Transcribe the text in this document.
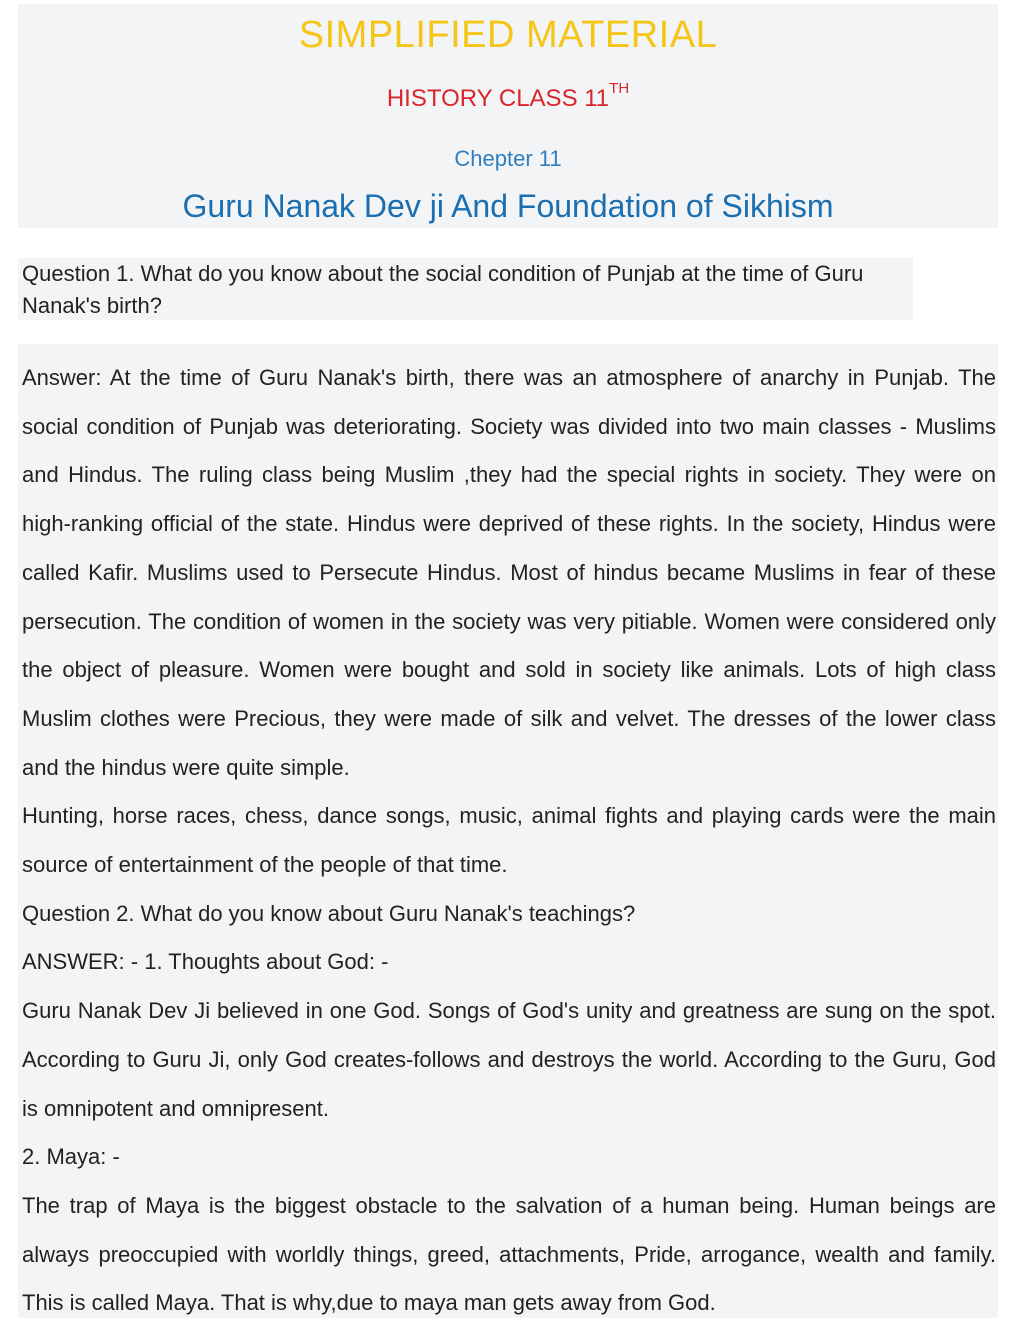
SIMPLIFIED MATERIAL
HISTORY CLASS 11TH
Chepter 11
Guru Nanak Dev ji And Foundation of Sikhism
Question 1. What do you know about the social condition of Punjab at the time of Guru Nanak's birth?

Answer: At the time of Guru Nanak's birth, there was an atmosphere of anarchy in Punjab. The social condition of Punjab was deteriorating. Society was divided into two main classes - Muslims and Hindus. The ruling class being Muslim ,they had the special rights in society. They were on high-ranking official of the state. Hindus were deprived of these rights. In the society, Hindus were called Kafir. Muslims used to Persecute Hindus. Most of hindus became Muslims in fear of these persecution. The condition of women in the society was very pitiable. Women were considered only the object of pleasure. Women were bought and sold in society like animals. Lots of high class Muslim clothes were Precious, they were made of silk and velvet. The dresses of the lower class and the hindus were quite simple.

Hunting, horse races, chess, dance songs, music, animal fights and playing cards were the main source of entertainment of the people of that time.

Question 2. What do you know about Guru Nanak's teachings?

ANSWER: - 1. Thoughts about God: -

Guru Nanak Dev Ji believed in one God. Songs of God's unity and greatness are sung on the spot. According to Guru Ji, only God creates-follows and destroys the world. According to the Guru, God is omnipotent and omnipresent.

2. Maya: -

The trap of Maya is the biggest obstacle to the salvation of a human being. Human beings are always preoccupied with worldly things, greed, attachments, Pride, arrogance, wealth and family. This is called Maya. That is why,due to maya man gets away from God.
